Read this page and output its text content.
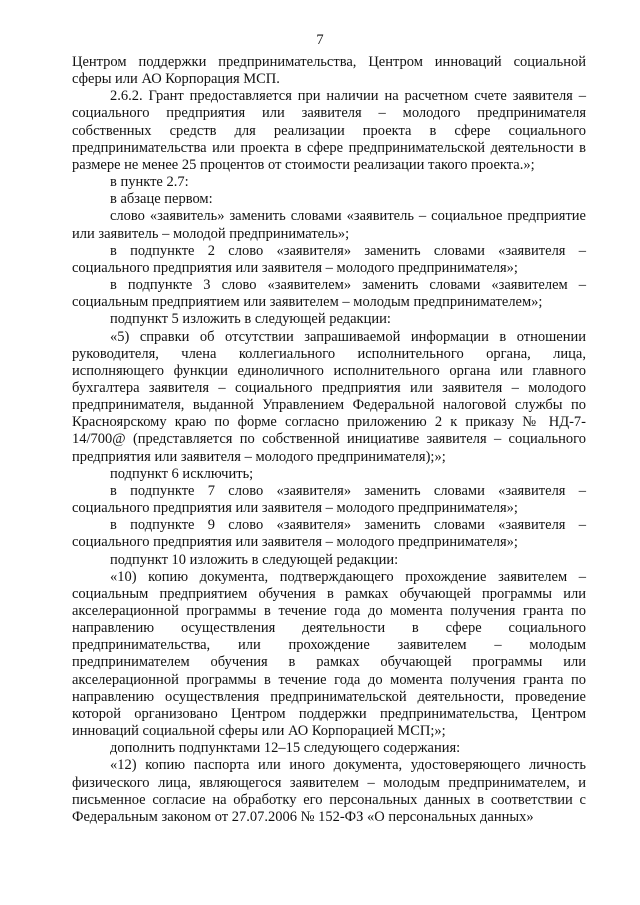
7

Центром поддержки предпринимательства, Центром инноваций социальной сферы или АО Корпорация МСП.

2.6.2. Грант предоставляется при наличии на расчетном счете заявителя – социального предприятия или заявителя – молодого предпринимателя собственных средств для реализации проекта в сфере социального предпринимательства или проекта в сфере предпринимательской деятельности в размере не менее 25 процентов от стоимости реализации такого проекта.»;

в пункте 2.7:

в абзаце первом:

слово «заявитель» заменить словами «заявитель – социальное предприятие или заявитель – молодой предприниматель»;

в подпункте 2 слово «заявителя» заменить словами «заявителя – социального предприятия или заявителя – молодого предпринимателя»;

в подпункте 3 слово «заявителем» заменить словами «заявителем – социальным предприятием или заявителем – молодым предпринимателем»;

подпункт 5 изложить в следующей редакции:

«5) справки об отсутствии запрашиваемой информации в отношении руководителя, члена коллегиального исполнительного органа, лица, исполняющего функции единоличного исполнительного органа или главного бухгалтера заявителя – социального предприятия или заявителя – молодого предпринимателя, выданной Управлением Федеральной налоговой службы по Красноярскому краю по форме согласно приложению 2 к приказу № НД-7-14/700@ (представляется по собственной инициативе заявителя – социального предприятия или заявителя – молодого предпринимателя);»;

подпункт 6 исключить;

в подпункте 7 слово «заявителя» заменить словами «заявителя – социального предприятия или заявителя – молодого предпринимателя»;

в подпункте 9 слово «заявителя» заменить словами «заявителя – социального предприятия или заявителя – молодого предпринимателя»;

подпункт 10 изложить в следующей редакции:

«10) копию документа, подтверждающего прохождение заявителем – социальным предприятием обучения в рамках обучающей программы или акселерационной программы в течение года до момента получения гранта по направлению осуществления деятельности в сфере социального предпринимательства, или прохождение заявителем – молодым предпринимателем обучения в рамках обучающей программы или акселерационной программы в течение года до момента получения гранта по направлению осуществления предпринимательской деятельности, проведение которой организовано Центром поддержки предпринимательства, Центром инноваций социальной сферы или АО Корпорацией МСП;»;

дополнить подпунктами 12–15 следующего содержания:

«12) копию паспорта или иного документа, удостоверяющего личность физического лица, являющегося заявителем – молодым предпринимателем, и письменное согласие на обработку его персональных данных в соответствии с Федеральным законом от 27.07.2006 № 152-ФЗ «О персональных данных»
